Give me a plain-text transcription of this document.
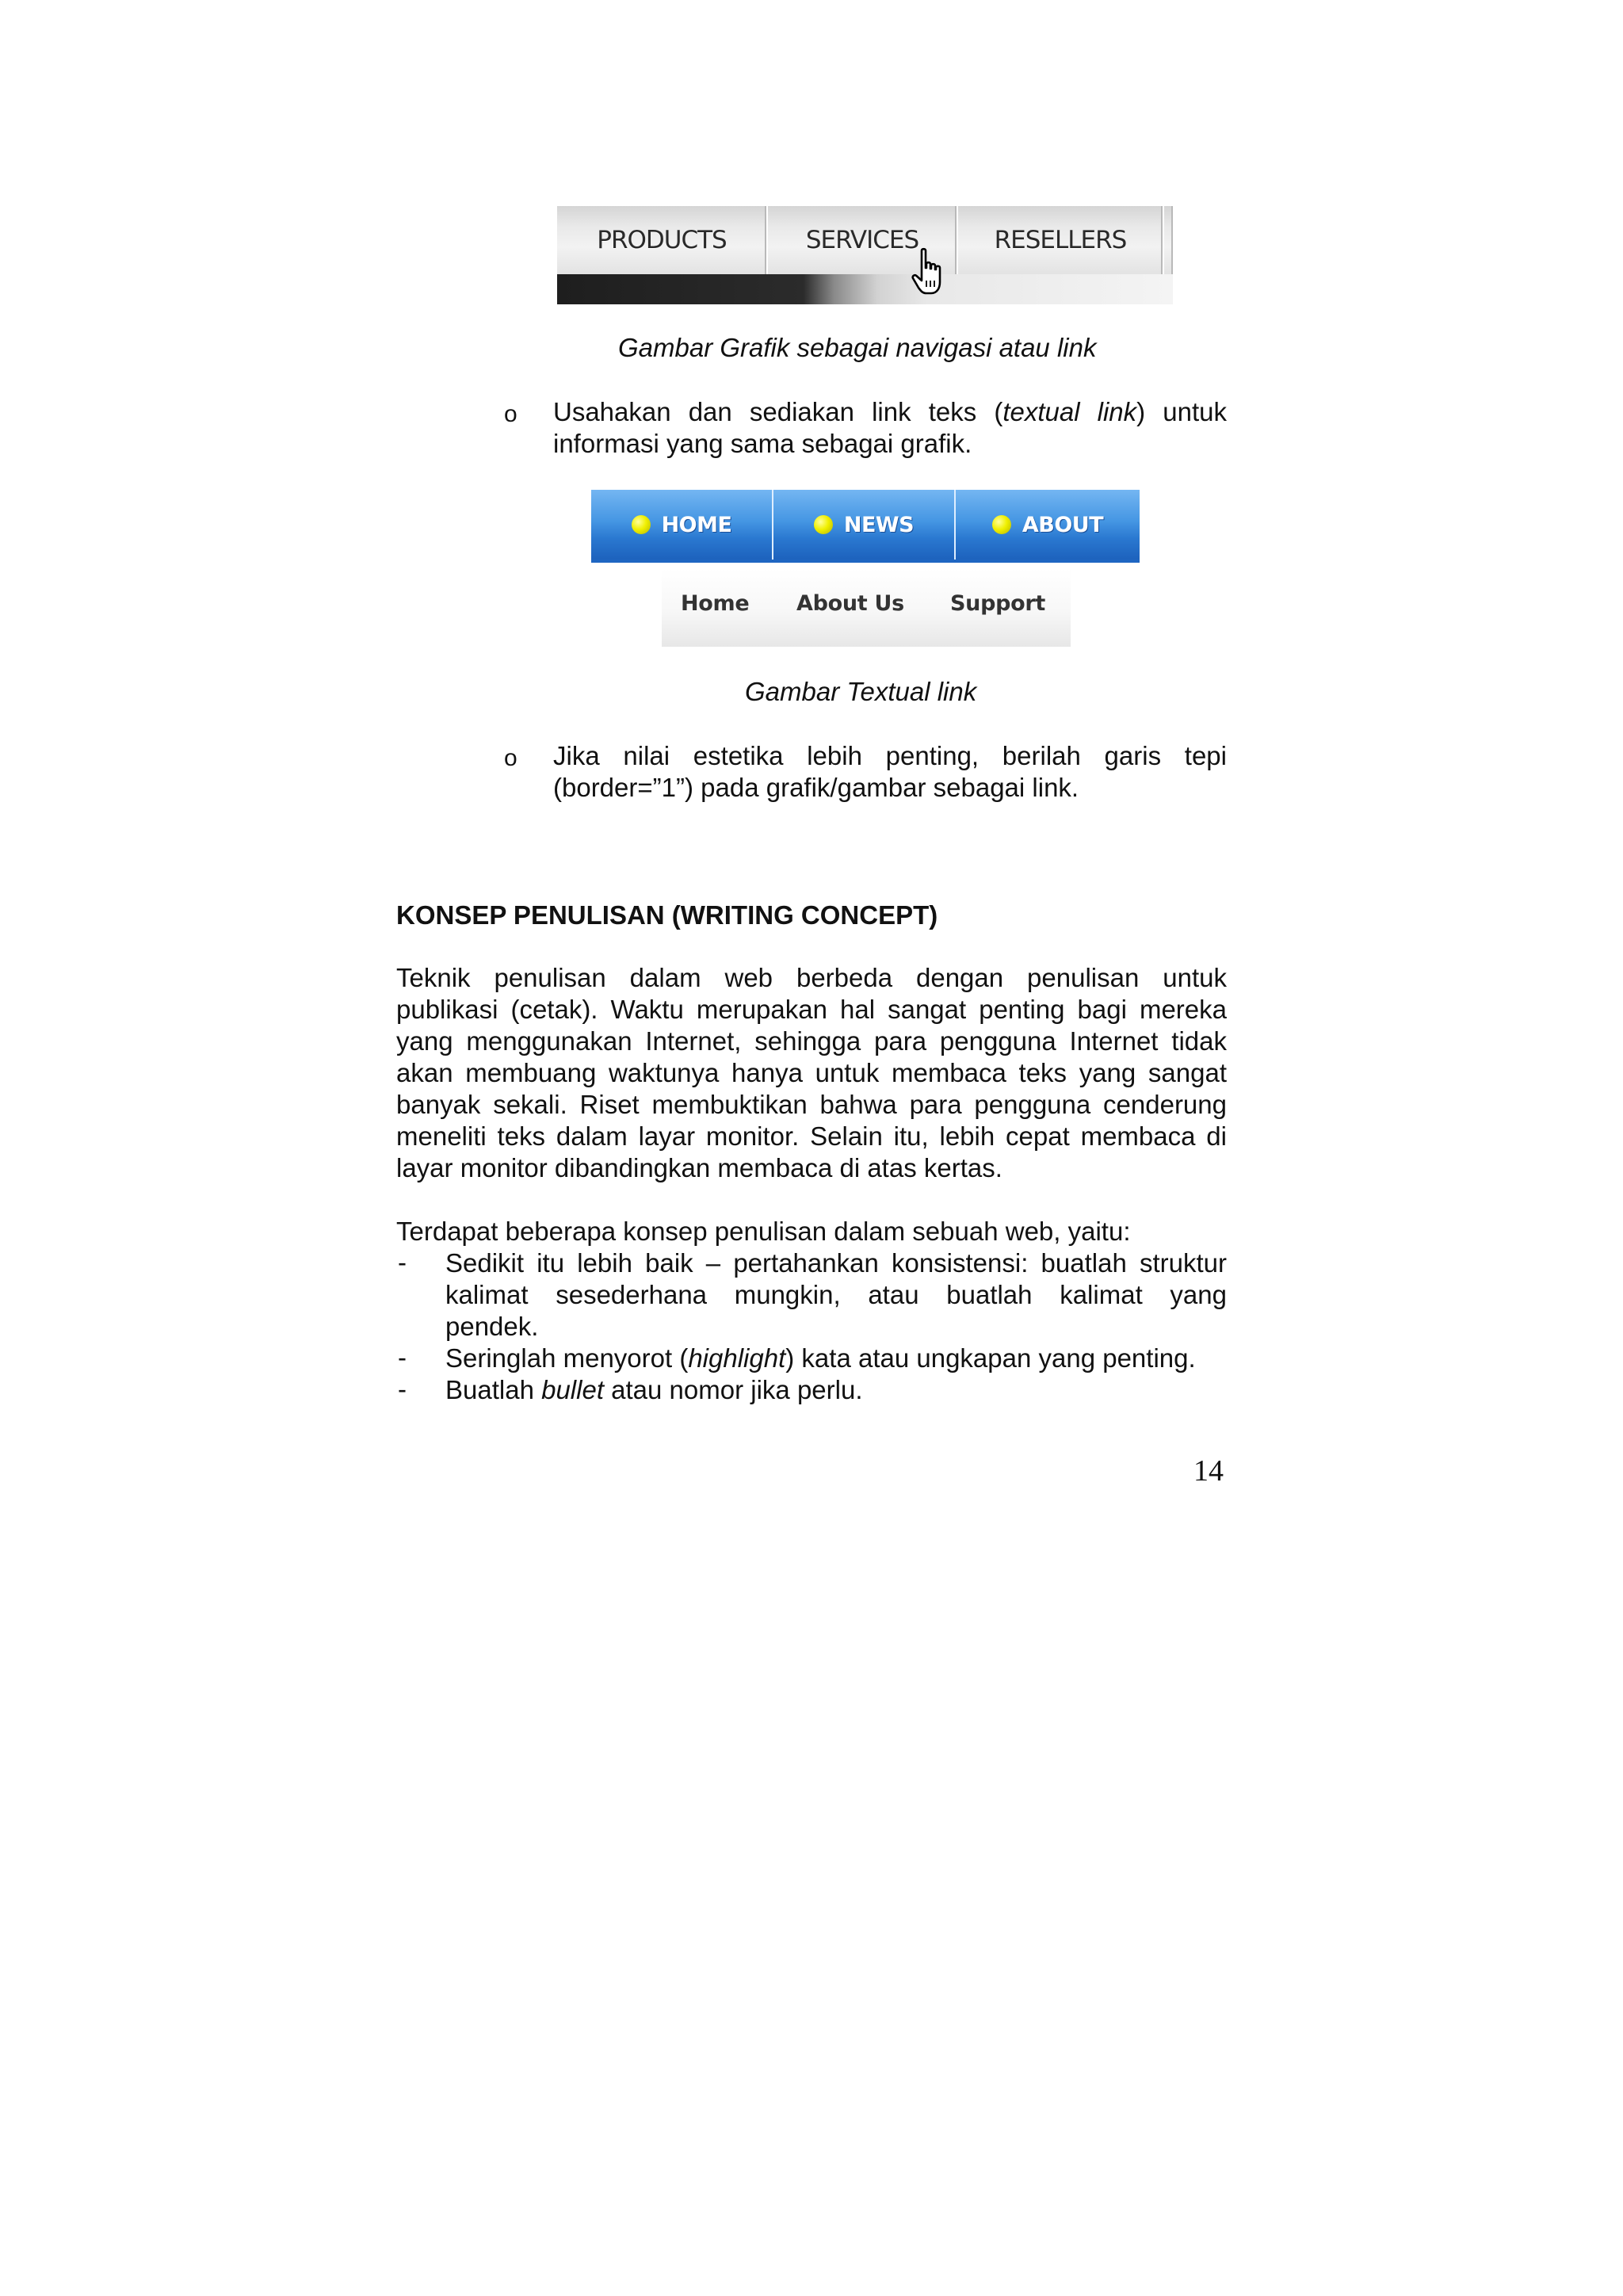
PRODUCTS	SERVICES	RESELLERS
Gambar Grafik sebagai navigasi atau link
o Usahakan dan sediakan link teks (textual link) untuk
informasi yang sama sebagai grafik.
HOME	NEWS	ABOUT
Home About Us Support
Gambar Textual link
o Jika nilai estetika lebih penting, berilah garis tepi
(border=”1”) pada grafik/gambar sebagai link.
KONSEP PENULISAN (WRITING CONCEPT)
Teknik penulisan dalam web berbeda dengan penulisan untuk
publikasi (cetak). Waktu merupakan hal sangat penting bagi mereka
yang menggunakan Internet, sehingga para pengguna Internet tidak
akan membuang waktunya hanya untuk membaca teks yang sangat
banyak sekali. Riset membuktikan bahwa para pengguna cenderung
meneliti teks dalam layar monitor. Selain itu, lebih cepat membaca di
layar monitor dibandingkan membaca di atas kertas.
Terdapat beberapa konsep penulisan dalam sebuah web, yaitu:
- Sedikit itu lebih baik – pertahankan konsistensi: buatlah struktur
kalimat sesederhana mungkin, atau buatlah kalimat yang
pendek.
- Seringlah menyorot (highlight) kata atau ungkapan yang penting.
- Buatlah bullet atau nomor jika perlu.
14
